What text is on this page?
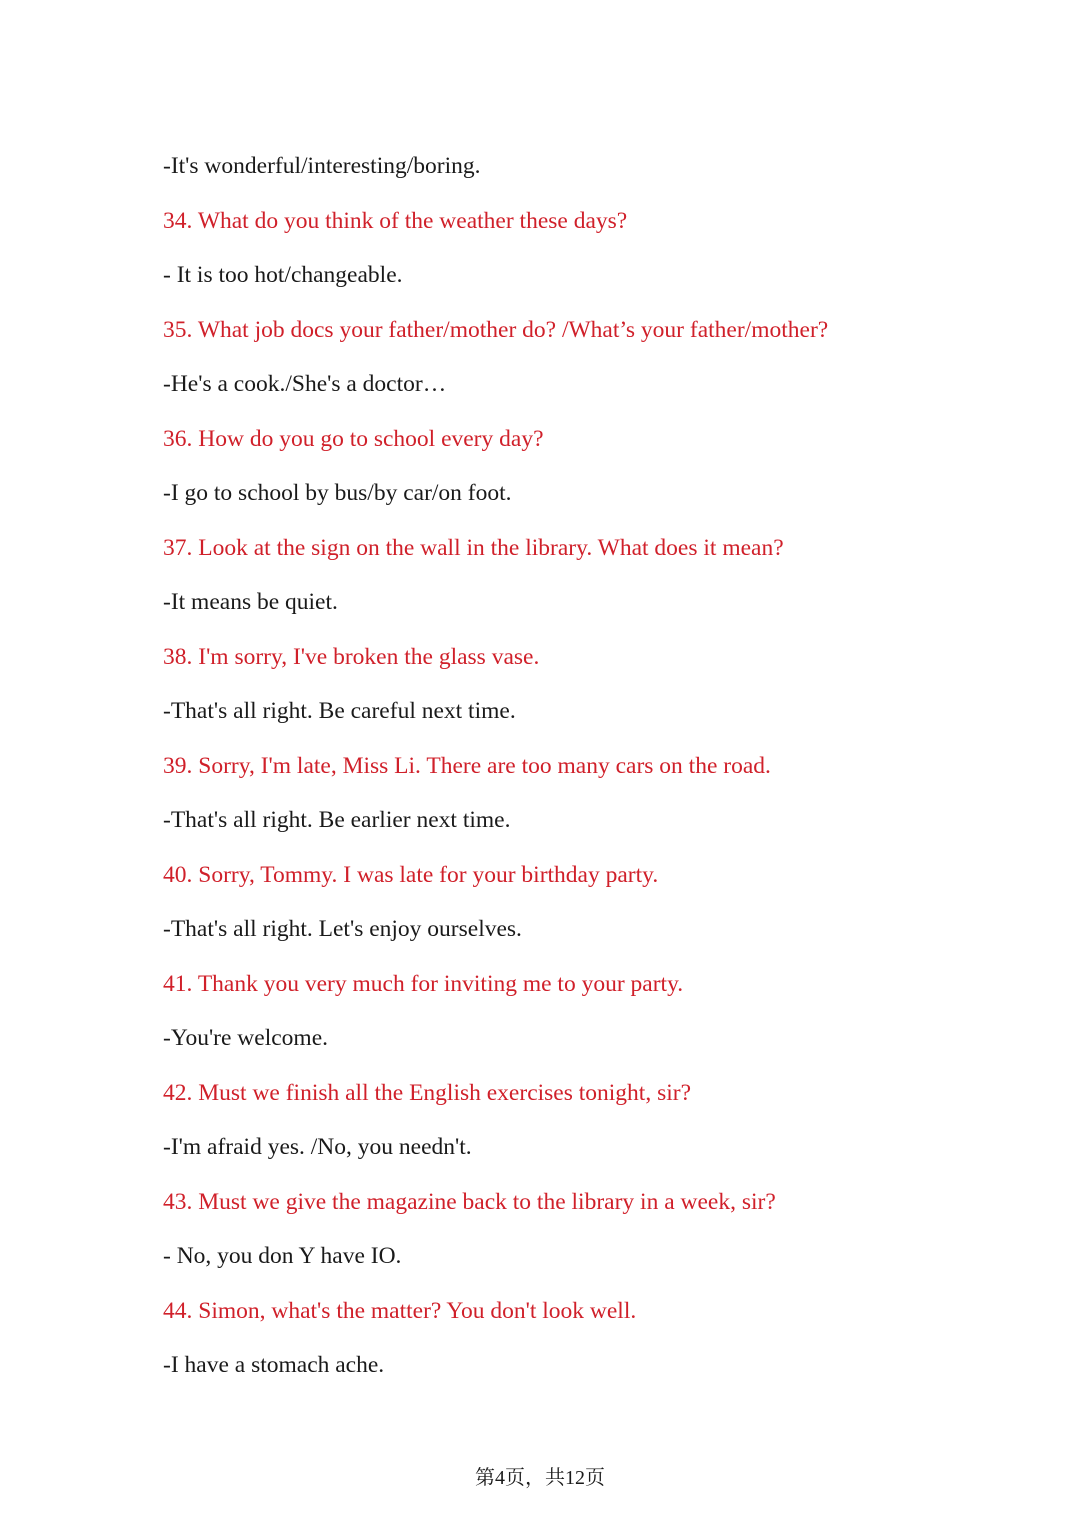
-It's wonderful/interesting/boring.
34. What do you think of the weather these days?
- It is too hot/changeable.
35. What job docs your father/mother do? /What’s your father/mother?
-He's a cook./She's a doctor…
36. How do you go to school every day?
-I go to school by bus/by car/on foot.
37. Look at the sign on the wall in the library. What does it mean?
-It means be quiet.
38. I'm sorry, I've broken the glass vase.
-That's all right. Be careful next time.
39. Sorry, I'm late, Miss Li. There are too many cars on the road.
-That's all right. Be earlier next time.
40. Sorry, Tommy. I was late for your birthday party.
-That's all right. Let's enjoy ourselves.
41. Thank you very much for inviting me to your party.
-You're welcome.
42. Must we finish all the English exercises tonight, sir?
-I'm afraid yes. /No, you needn't.
43. Must we give the magazine back to the library in a week, sir?
- No, you don Y have IO.
44. Simon, what's the matter? You don't look well.
-I have a stomach ache.
第4页，共12页
